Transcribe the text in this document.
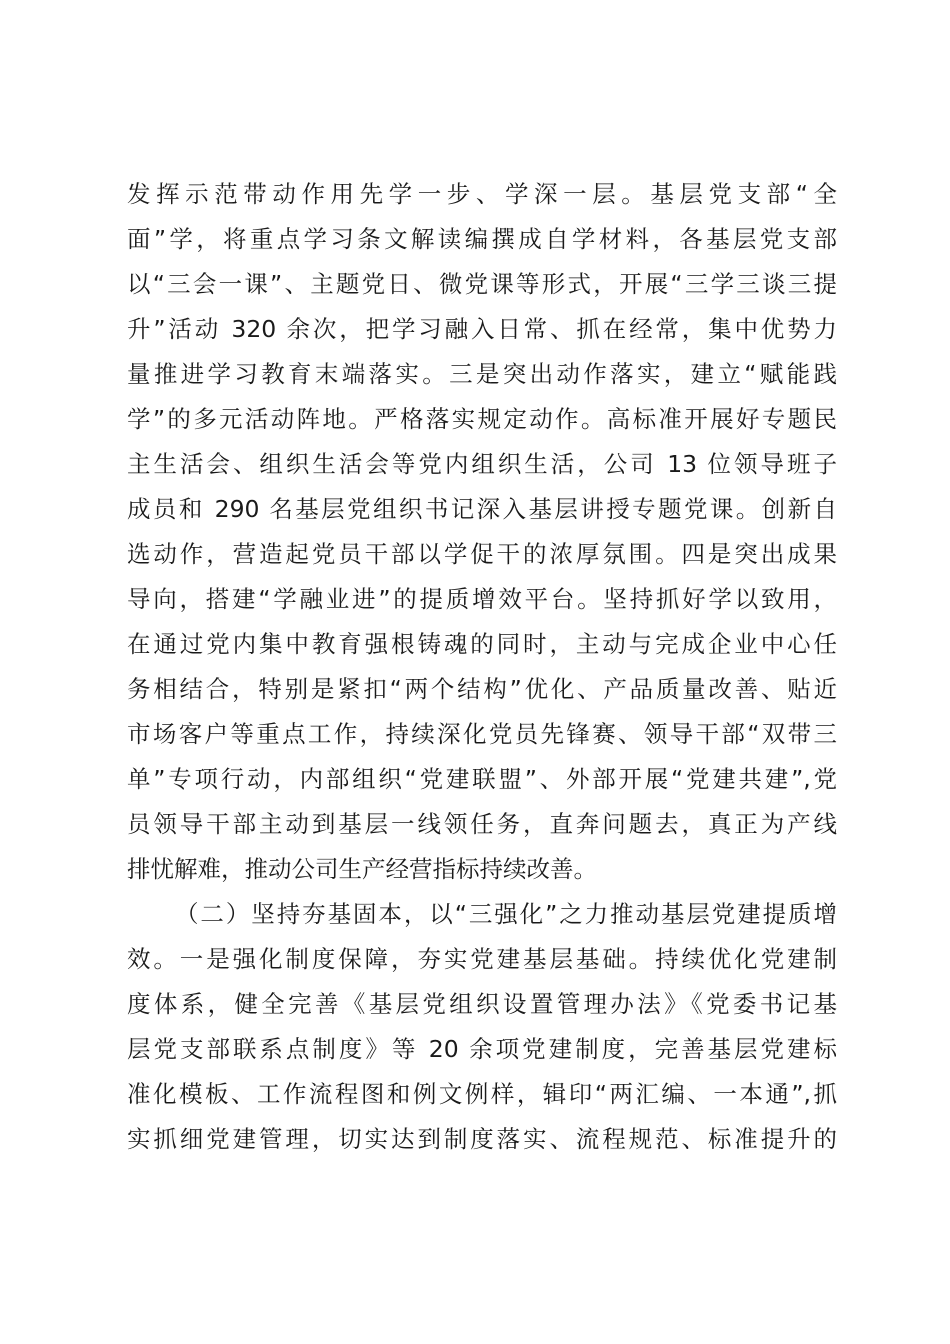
发挥示范带动作用先学一步、学深一层。基层党支部“全
面”学，将重点学习条文解读编撰成自学材料，各基层党支部
以“三会一课”、主题党日、微党课等形式，开展“三学三谈三提
升”活动 320 余次，把学习融入日常、抓在经常，集中优势力
量推进学习教育末端落实。三是突出动作落实，建立“赋能践
学”的多元活动阵地。严格落实规定动作。高标准开展好专题民
主生活会、组织生活会等党内组织生活，公司 13 位领导班子
成员和 290 名基层党组织书记深入基层讲授专题党课。创新自
选动作，营造起党员干部以学促干的浓厚氛围。四是突出成果
导向，搭建“学融业进”的提质增效平台。坚持抓好学以致用，
在通过党内集中教育强根铸魂的同时，主动与完成企业中心任
务相结合，特别是紧扣“两个结构”优化、产品质量改善、贴近
市场客户等重点工作，持续深化党员先锋赛、领导干部“双带三
单”专项行动，内部组织“党建联盟”、外部开展“党建共建”,党
员领导干部主动到基层一线领任务，直奔问题去，真正为产线
排忧解难，推动公司生产经营指标持续改善。
（二）坚持夯基固本，以“三强化”之力推动基层党建提质增
效。一是强化制度保障，夯实党建基层基础。持续优化党建制
度体系，健全完善《基层党组织设置管理办法》《党委书记基
层党支部联系点制度》等 20 余项党建制度，完善基层党建标
准化模板、工作流程图和例文例样，辑印“两汇编、一本通”,抓
实抓细党建管理，切实达到制度落实、流程规范、标准提升的
